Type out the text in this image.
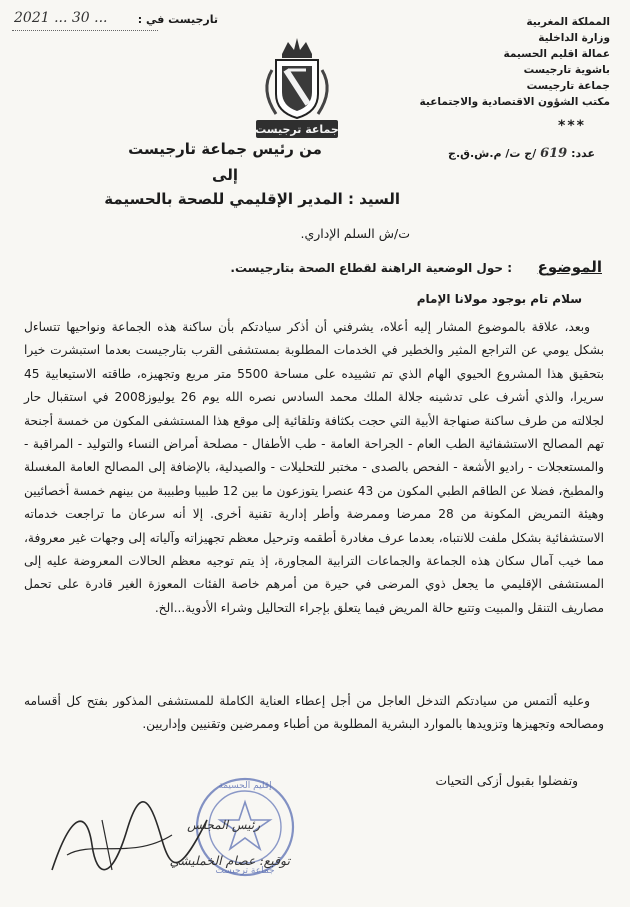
2021 ... 30 ...	تارجيست في :	المملكة المغربية
وزارة الداخلية
عمالة اقليم الحسيمة
باشوية تارجيست
جماعة تارجيست
مكتب الشؤون الاقتصادية والاجتماعية
***
جماعة ترجيست
عدد: 619 /ج ت/ م.ش.ق.ج
من رئيس جماعة تارجيست
إلى
السيد : المدير الإقليمي للصحة بالحسيمة
ت/ش السلم الإداري.
الموضوع
: حول الوضعية الراهنة لقطاع الصحة بتارجيست.
سلام تام بوجود مولانا الإمام

وبعد، علاقة بالموضوع المشار إليه أعلاه، يشرفني أن أذكر سيادتكم بأن ساكنة هذه الجماعة ونواحيها تتساءل بشكل يومي عن التراجع المثير والخطير في الخدمات المطلوبة بمستشفى القرب بتارجيست بعدما استبشرت خيرا بتحقيق هذا المشروع الحيوي الهام الذي تم تشييده على مساحة 5500 متر مربع وتجهيزه، طاقته الاستيعابية 45 سريرا، والذي أشرف على تدشينه جلالة الملك محمد السادس نصره الله يوم 26 يوليوز2008 في استقبال حار لجلالته من طرف ساكنة صنهاجة الأبية التي حجت بكثافة وتلقائية إلى موقع هذا المستشفى المكون من خمسة أجنحة تهم المصالح الاستشفائية الطب العام - الجراحة العامة - طب الأطفال - مصلحة أمراض النساء والتوليد - المراقبة - والمستعجلات - راديو الأشعة - الفحص بالصدى - مختبر للتحليلات - والصيدلية، بالإضافة إلى المصالح العامة المغسلة والمطبخ، فضلا عن الطاقم الطبي المكون من 43 عنصرا يتوزعون ما بين 12 طبيبا وطبيبة من بينهم خمسة أخصائيين وهيئة التمريض المكونة من 28 ممرضا وممرضة وأطر إدارية تقنية أخرى. إلا أنه سرعان ما تراجعت خدماته الاستشفائية بشكل ملفت للانتباه، بعدما عرف مغادرة أطقمه وترحيل معظم تجهيزاته وآلياته إلى وجهات غير معروفة، مما خيب آمال سكان هذه الجماعة والجماعات الترابية المجاورة، إذ يتم توجيه معظم الحالات المعروضة عليه إلى المستشفى الإقليمي ما يجعل ذوي المرضى في حيرة من أمرهم خاصة الفئات المعوزة الغير قادرة على تحمل مصاريف التنقل والمبيت وتتبع حالة المريض فيما يتعلق بإجراء التحاليل وشراء الأدوية...الخ.

وعليه ألتمس من سيادتكم التدخل العاجل من أجل إعطاء العناية الكاملة للمستشفى المذكور بفتح كل أقسامه ومصالحه وتجهيزها وتزويدها بالموارد البشرية المطلوبة من أطباء وممرضين وتقنيين وإداريين.

وتفضلوا بقبول أزكى التحيات
إقليم الحسيمة
جماعة ترجيست
رئيس المجلس
توقيع: عصام الخمليشي
